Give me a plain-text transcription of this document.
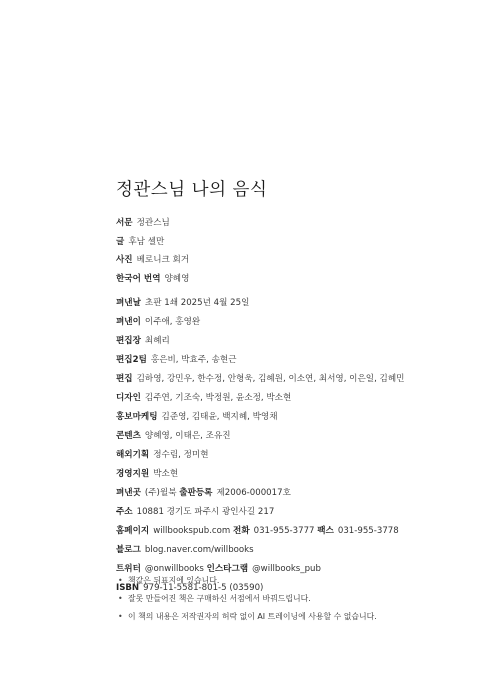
정관스님 나의 음식
서문 정관스님
글 후남 셀만
사진 베로니크 회거
한국어 번역 양혜영
펴낸날 초판 1쇄 2025년 4월 25일
펴낸이 이주애, 홍영완
편집장 최혜리
편집2팀 홍은비, 박효주, 송현근
편집 김하영, 강민우, 한수정, 안형욱, 김혜원, 이소연, 최서영, 이은일, 김혜민
디자인 김주연, 기조숙, 박정원, 윤소정, 박소현
홍보마케팅 김준영, 김태윤, 백지혜, 박영채
콘텐츠 양혜영, 이태은, 조유진
해외기획 정수림, 정미현
경영지원 박소현
펴낸곳 (주)윌북 출판등록 제2006-000017호
주소 10881 경기도 파주시 광인사길 217
홈페이지 willbookspub.com 전화 031-955-3777 팩스 031-955-3778
블로그 blog.naver.com/willbooks
트위터 @onwillbooks 인스타그램 @willbooks_pub
ISBN 979-11-5581-801-5 (03590)
• 책값은 뒤표지에 있습니다.
• 잘못 만들어진 책은 구매하신 서점에서 바꿔드립니다.
• 이 책의 내용은 저작권자의 허락 없이 AI 트레이닝에 사용할 수 없습니다.
